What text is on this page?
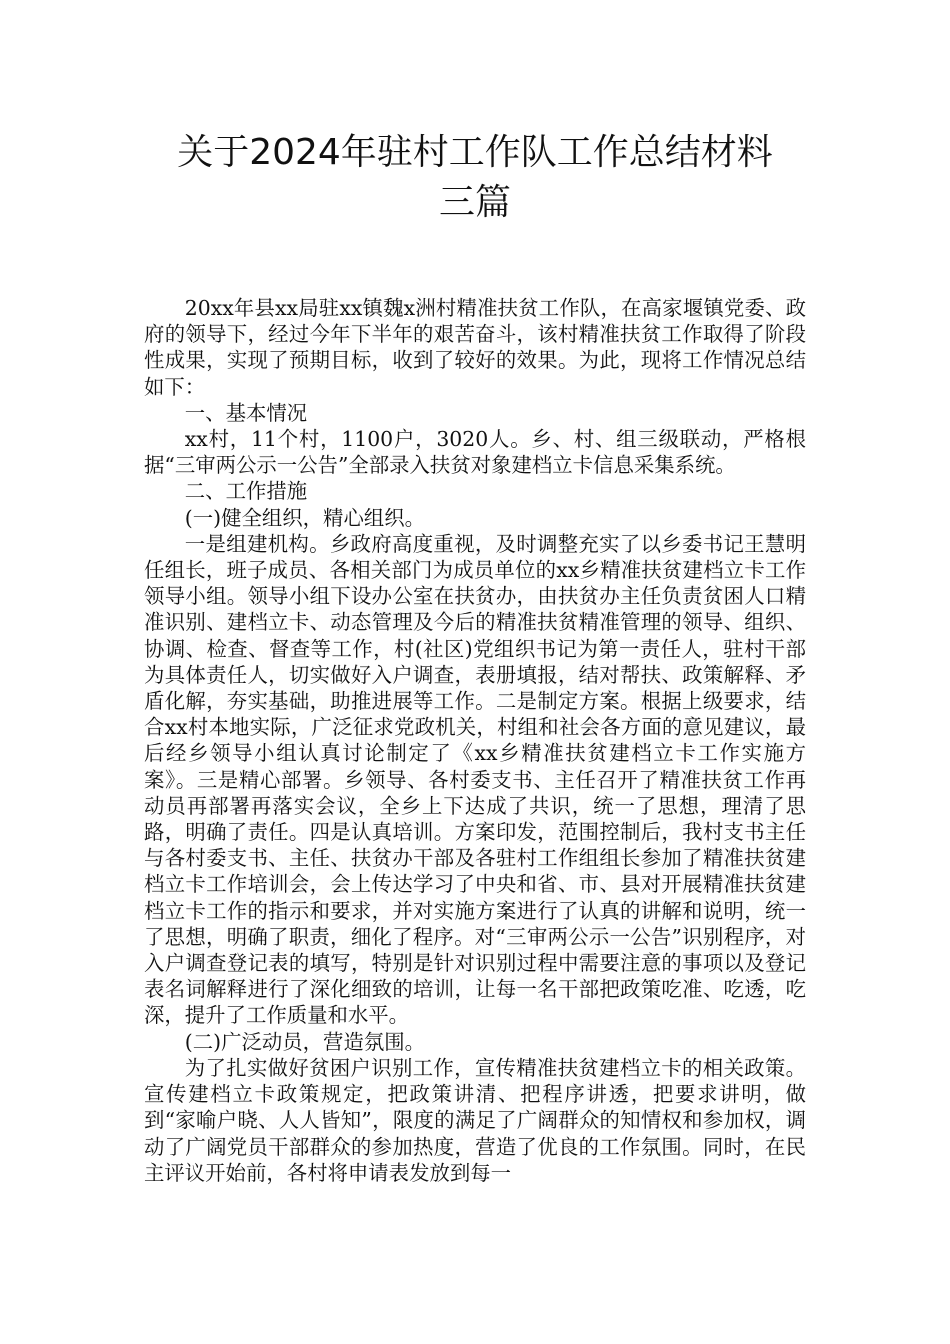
关于2024年驻村工作队工作总结材料
三篇

20xx年县xx局驻xx镇魏x洲村精准扶贫工作队，在高家堰镇党委、政府的领导下，经过今年下半年的艰苦奋斗，该村精准扶贫工作取得了阶段性成果，实现了预期目标，收到了较好的效果。为此，现将工作情况总结如下：

一、基本情况

xx村，11个村，1100户，3020人。乡、村、组三级联动，严格根据“三审两公示一公告”全部录入扶贫对象建档立卡信息采集系统。

二、工作措施

(一)健全组织，精心组织。

一是组建机构。乡政府高度重视，及时调整充实了以乡委书记王慧明任组长，班子成员、各相关部门为成员单位的xx乡精准扶贫建档立卡工作领导小组。领导小组下设办公室在扶贫办，由扶贫办主任负责贫困人口精准识别、建档立卡、动态管理及今后的精准扶贫精准管理的领导、组织、协调、检查、督查等工作，村(社区)党组织书记为第一责任人，驻村干部为具体责任人，切实做好入户调查，表册填报，结对帮扶、政策解释、矛盾化解，夯实基础，助推进展等工作。二是制定方案。根据上级要求，结合xx村本地实际，广泛征求党政机关，村组和社会各方面的意见建议，最后经乡领导小组认真讨论制定了《xx乡精准扶贫建档立卡工作实施方案》。三是精心部署。乡领导、各村委支书、主任召开了精准扶贫工作再动员再部署再落实会议，全乡上下达成了共识，统一了思想，理清了思路，明确了责任。四是认真培训。方案印发，范围控制后，我村支书主任与各村委支书、主任、扶贫办干部及各驻村工作组组长参加了精准扶贫建档立卡工作培训会，会上传达学习了中央和省、市、县对开展精准扶贫建档立卡工作的指示和要求，并对实施方案进行了认真的讲解和说明，统一了思想，明确了职责，细化了程序。对“三审两公示一公告”识别程序，对入户调查登记表的填写，特别是针对识别过程中需要注意的事项以及登记表名词解释进行了深化细致的培训，让每一名干部把政策吃准、吃透，吃深，提升了工作质量和水平。

(二)广泛动员，营造氛围。

为了扎实做好贫困户识别工作，宣传精准扶贫建档立卡的相关政策。宣传建档立卡政策规定，把政策讲清、把程序讲透，把要求讲明，做到“家喻户晓、人人皆知”，限度的满足了广阔群众的知情权和参加权，调动了广阔党员干部群众的参加热度，营造了优良的工作氛围。同时，在民主评议开始前，各村将申请表发放到每一
